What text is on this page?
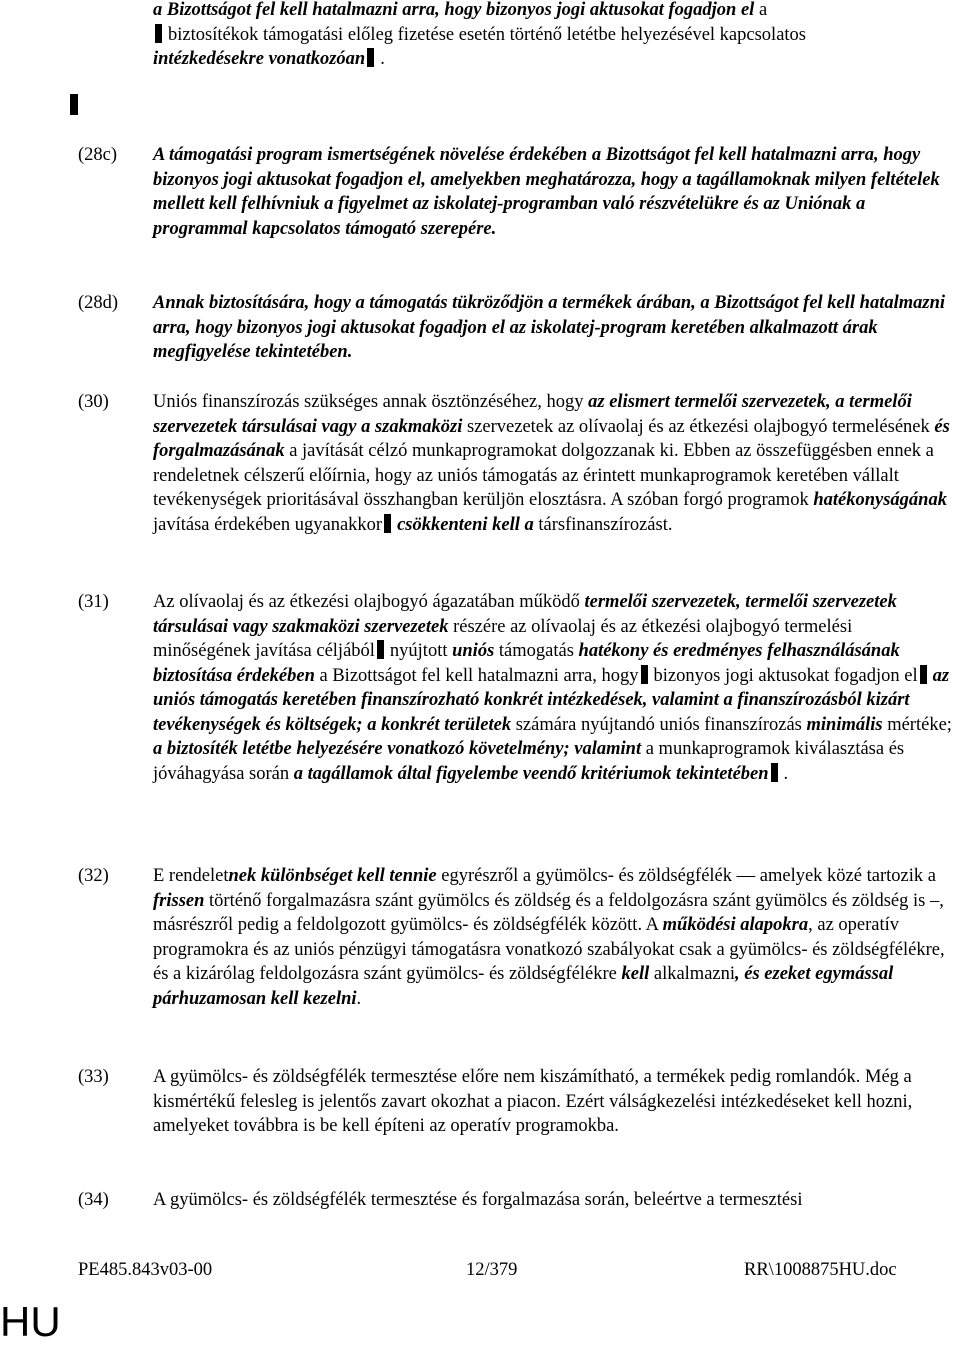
a Bizottságot fel kell hatalmazni arra, hogy bizonyos jogi aktusokat fogadjon el a
biztosítékok támogatási előleg fizetése esetén történő letétbe helyezésével kapcsolatos
intézkedésekre vonatkozóan .
(28c) A támogatási program ismertségének növelése érdekében a Bizottságot fel kell hatalmazni arra, hogy bizonyos jogi aktusokat fogadjon el, amelyekben meghatározza, hogy a tagállamoknak milyen feltételek mellett kell felhívniuk a figyelmet az iskolatej-programban való részvételükre és az Uniónak a programmal kapcsolatos támogató szerepére.
(28d) Annak biztosítására, hogy a támogatás tükröződjön a termékek árában, a Bizottságot fel kell hatalmazni arra, hogy bizonyos jogi aktusokat fogadjon el az iskolatej-program keretében alkalmazott árak megfigyelése tekintetében.
(30) Uniós finanszírozás szükséges annak ösztönzéséhez, hogy az elismert termelői szervezetek, a termelői szervezetek társulásai vagy a szakmaközi szervezetek az olívaolaj és az étkezési olajbogyó termelésének és forgalmazásának a javítását célzó munkaprogramokat dolgozzanak ki. Ebben az összefüggésben ennek a rendeletnek célszerű előírnia, hogy az uniós támogatás az érintett munkaprogramok keretében vállalt tevékenységek prioritásával összhangban kerüljön elosztásra. A szóban forgó programok hatékonyságának javítása érdekében ugyanakkor csökkenteni kell a társfinanszírozást.
(31) Az olívaolaj és az étkezési olajbogyó ágazatában működő termelői szervezetek, termelői szervezetek társulásai vagy szakmaközi szervezetek részére az olívaolaj és az étkezési olajbogyó termelési minőségének javítása céljából nyújtott uniós támogatás hatékony és eredményes felhasználásának biztosítása érdekében a Bizottságot fel kell hatalmazni arra, hogy bizonyos jogi aktusokat fogadjon el az uniós támogatás keretében finanszírozható konkrét intézkedések, valamint a finanszírozásból kizárt tevékenységek és költségek; a konkrét területek számára nyújtandó uniós finanszírozás minimális mértéke; a biztosíték letétbe helyezésére vonatkozó követelmény; valamint a munkaprogramok kiválasztása és jóváhagyása során a tagállamok által figyelembe veendő kritériumok tekintetében .
(32) E rendeletnek különbséget kell tennie egyrészről a gyümölcs- és zöldségfélék — amelyek közé tartozik a frissen történő forgalmazásra szánt gyümölcs és zöldség és a feldolgozásra szánt gyümölcs és zöldség is –, másrészről pedig a feldolgozott gyümölcs- és zöldségfélék között. A működési alapokra, az operatív programokra és az uniós pénzügyi támogatásra vonatkozó szabályokat csak a gyümölcs- és zöldségfélékre, és a kizárólag feldolgozásra szánt gyümölcs- és zöldségfélékre kell alkalmazni, és ezeket egymással párhuzamosan kell kezelni.
(33) A gyümölcs- és zöldségfélék termesztése előre nem kiszámítható, a termékek pedig romlandók. Még a kismértékű felesleg is jelentős zavart okozhat a piacon. Ezért válságkezelési intézkedéseket kell hozni, amelyeket továbbra is be kell építeni az operatív programokba.
(34) A gyümölcs- és zöldségfélék termesztése és forgalmazása során, beleértve a termesztési
PE485.843v03-00	12/379	RR\1008875HU.doc
HU
